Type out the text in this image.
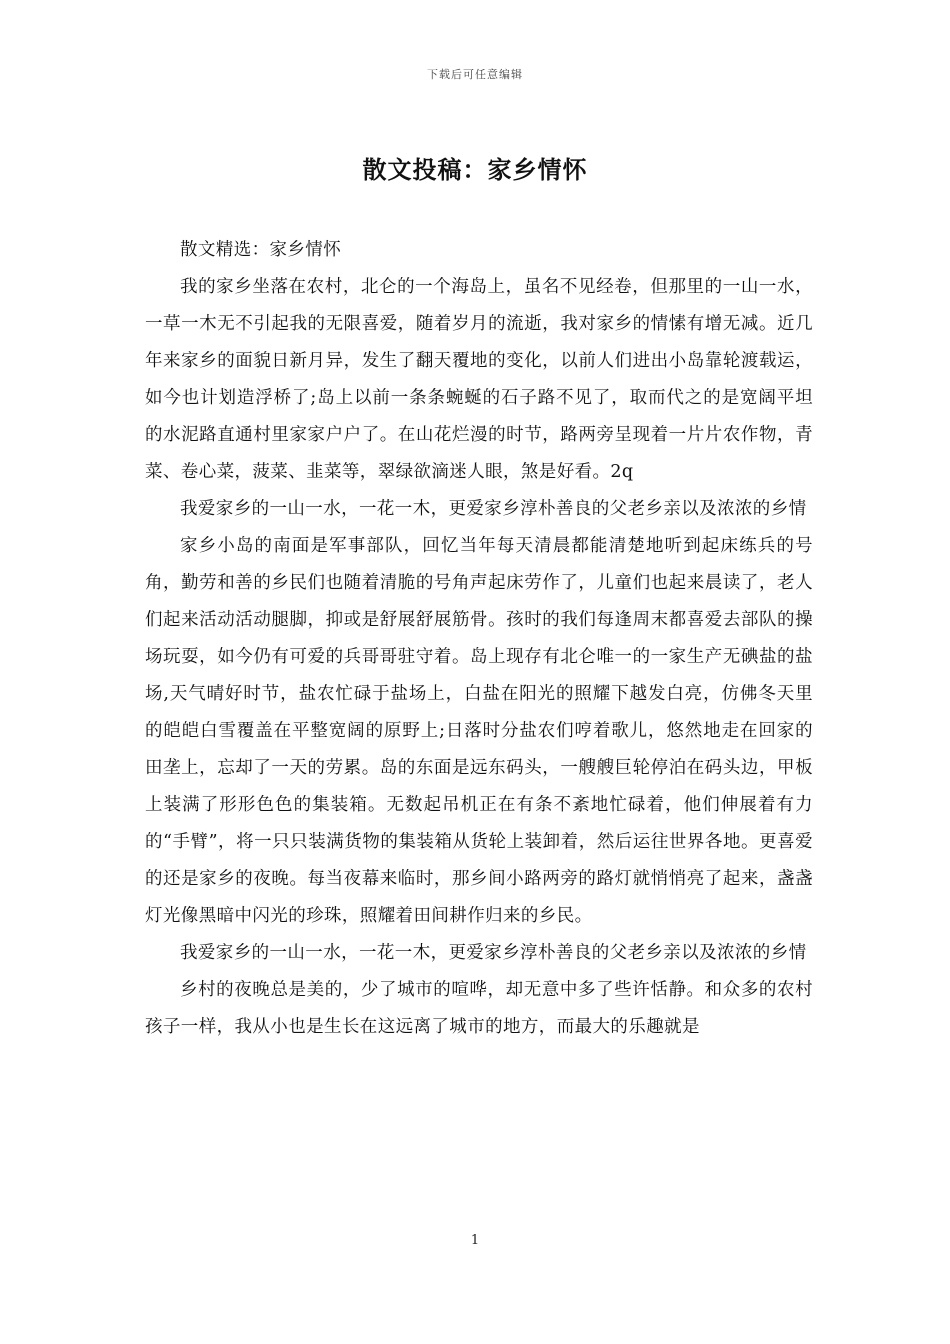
下载后可任意编辑
散文投稿：家乡情怀

散文精选：家乡情怀

我的家乡坐落在农村，北仑的一个海岛上，虽名不见经卷，但那里的一山一水，一草一木无不引起我的无限喜爱，随着岁月的流逝，我对家乡的情愫有增无减。近几年来家乡的面貌日新月异，发生了翻天覆地的变化，以前人们进出小岛靠轮渡载运，如今也计划造浮桥了;岛上以前一条条蜿蜒的石子路不见了，取而代之的是宽阔平坦的水泥路直通村里家家户户了。在山花烂漫的时节，路两旁呈现着一片片农作物，青菜、卷心菜，菠菜、韭菜等，翠绿欲滴迷人眼，煞是好看。2q

我爱家乡的一山一水，一花一木，更爱家乡淳朴善良的父老乡亲以及浓浓的乡情

家乡小岛的南面是军事部队，回忆当年每天清晨都能清楚地听到起床练兵的号角，勤劳和善的乡民们也随着清脆的号角声起床劳作了，儿童们也起来晨读了，老人们起来活动活动腿脚，抑或是舒展舒展筋骨。孩时的我们每逢周末都喜爱去部队的操场玩耍，如今仍有可爱的兵哥哥驻守着。岛上现存有北仑唯一的一家生产无碘盐的盐场,天气晴好时节，盐农忙碌于盐场上，白盐在阳光的照耀下越发白亮，仿佛冬天里的皑皑白雪覆盖在平整宽阔的原野上;日落时分盐农们哼着歌儿，悠然地走在回家的田垄上，忘却了一天的劳累。岛的东面是远东码头，一艘艘巨轮停泊在码头边，甲板上装满了形形色色的集装箱。无数起吊机正在有条不紊地忙碌着，他们伸展着有力的“手臂”，将一只只装满货物的集装箱从货轮上装卸着，然后运往世界各地。更喜爱的还是家乡的夜晚。每当夜幕来临时，那乡间小路两旁的路灯就悄悄亮了起来，盏盏灯光像黑暗中闪光的珍珠，照耀着田间耕作归来的乡民。

我爱家乡的一山一水，一花一木，更爱家乡淳朴善良的父老乡亲以及浓浓的乡情

乡村的夜晚总是美的，少了城市的喧哗，却无意中多了些许恬静。和众多的农村孩子一样，我从小也是生长在这远离了城市的地方，而最大的乐趣就是

1
